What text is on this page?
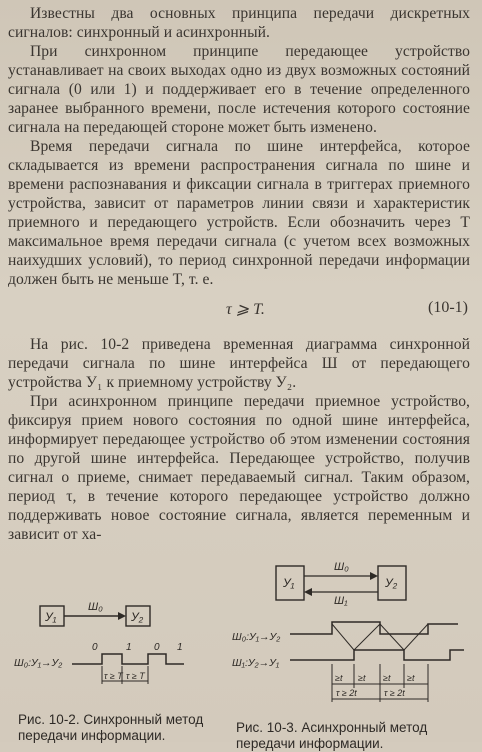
Известны два основных принципа передачи дискретных сигналов: синхронный и асинхронный.

При синхронном принципе передающее устройство устанавливает на своих выходах одно из двух возможных состояний сигнала (0 или 1) и поддерживает его в течение определенного заранее выбранного времени, после истечения которого состояние сигнала на передающей стороне может быть изменено.

Время передачи сигнала по шине интерфейса, которое складывается из времени распространения сигнала по шине и времени распознавания и фиксации сигнала в триггерах приемного устройства, зависит от параметров линии связи и характеристик приемного и передающего устройств. Если обозначить через T максимальное время передачи сигнала (с учетом всех возможных наихудших условий), то период синхронной передачи информации должен быть не меньше T, т. е.

τ ⩾ T.	(10-1)

На рис. 10-2 приведена временная диаграмма синхронной передачи сигнала по шине интерфейса Ш от передающего устройства У₁ к приемному устройству У₂.

При асинхронном принципе передачи приемное устройство, фиксируя прием нового состояния по одной шине интерфейса, информирует передающее устройство об этом изменении состояния по другой шине интерфейса. Передающее устройство, получив сигнал о приеме, снимает передаваемый сигнал. Таким образом, период τ, в течение которого передающее устройство должно поддерживать новое состояние сигнала, является переменным и зависит от ха-

У₁	У₂
Ш₀
Ш₀:У₁→У₂
0	1 0 1
τ ≥ T τ ≥ T
Рис. 10-2. Синхронный метод передачи информации.
У₁	У₂
Ш₀
Ш₁
Ш₀:У₁→У₂
Ш₁:У₂→У₁
≥t ≥t ≥t ≥t
τ ≥ 2t	τ ≥ 2t
Рис. 10-3. Асинхронный метод передачи информации.
